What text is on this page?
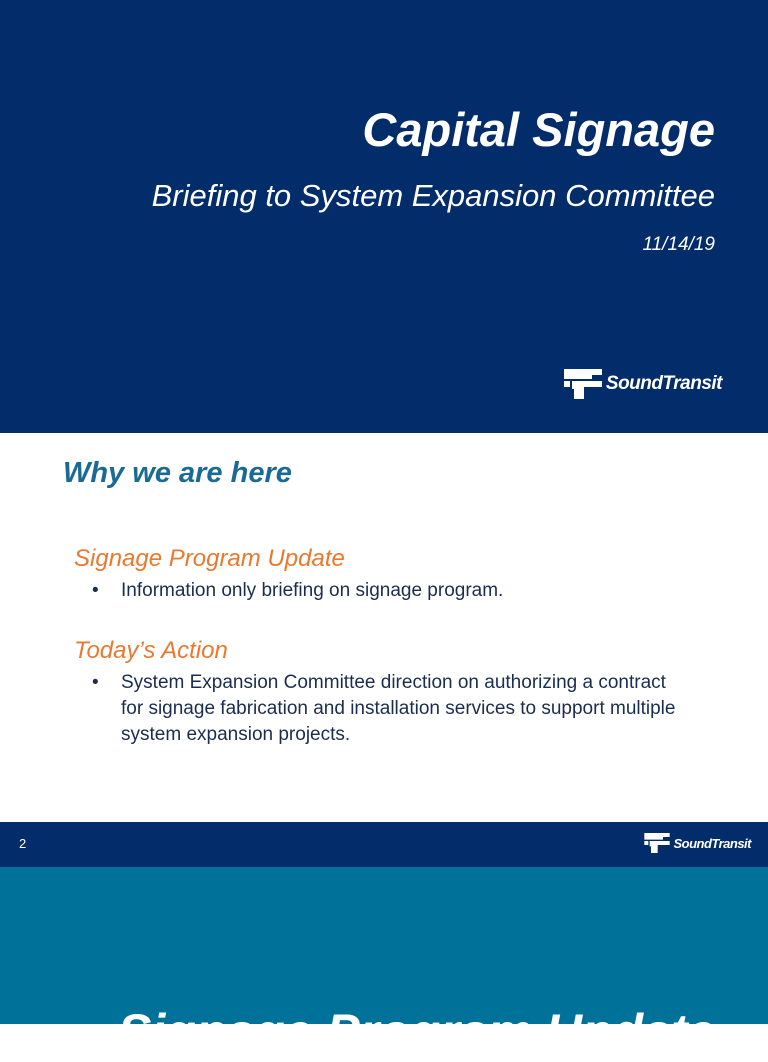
Capital Signage
Briefing to System Expansion Committee
11/14/19
SoundTransit
Why we are here
Signage Program Update
•	Information only briefing on signage program.
Today’s Action
•	System Expansion Committee direction on authorizing a contract for signage fabrication and installation services to support multiple system expansion projects.
2	SoundTransit
Signage Program Update
